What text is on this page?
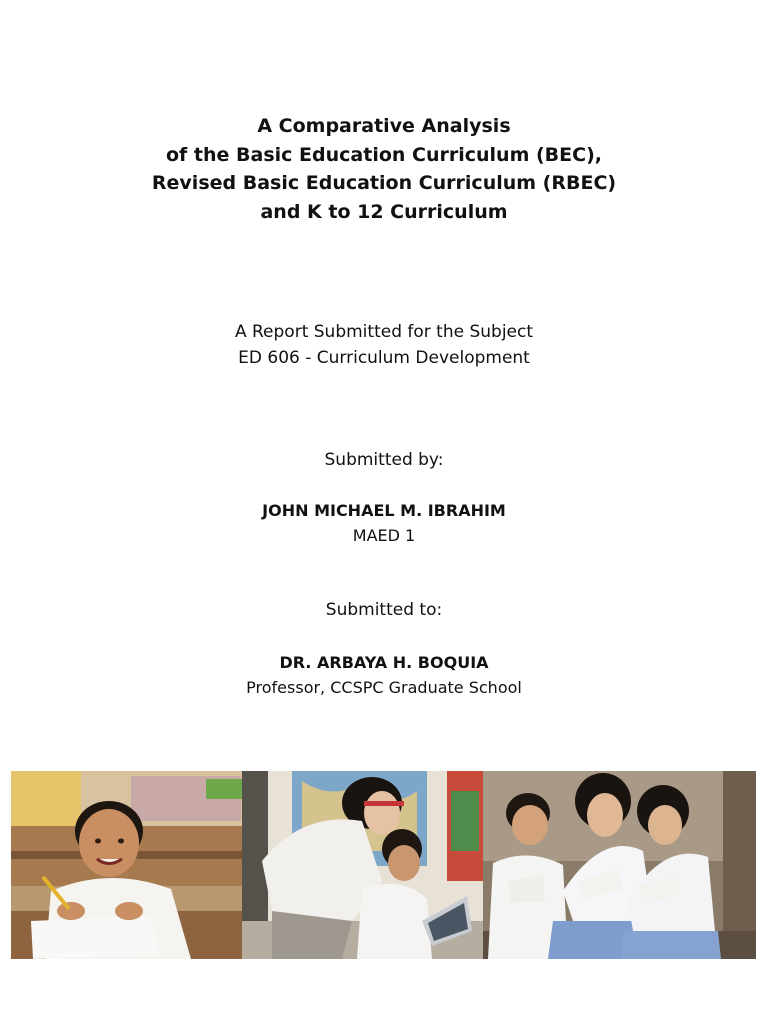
A Comparative Analysis
of the Basic Education Curriculum (BEC),
Revised Basic Education Curriculum (RBEC)
and K to 12 Curriculum
A Report Submitted for the Subject
ED 606 - Curriculum Development
Submitted by:
JOHN MICHAEL M. IBRAHIM
MAED 1
Submitted to:
DR. ARBAYA H. BOQUIA
Professor, CCSPC Graduate School
